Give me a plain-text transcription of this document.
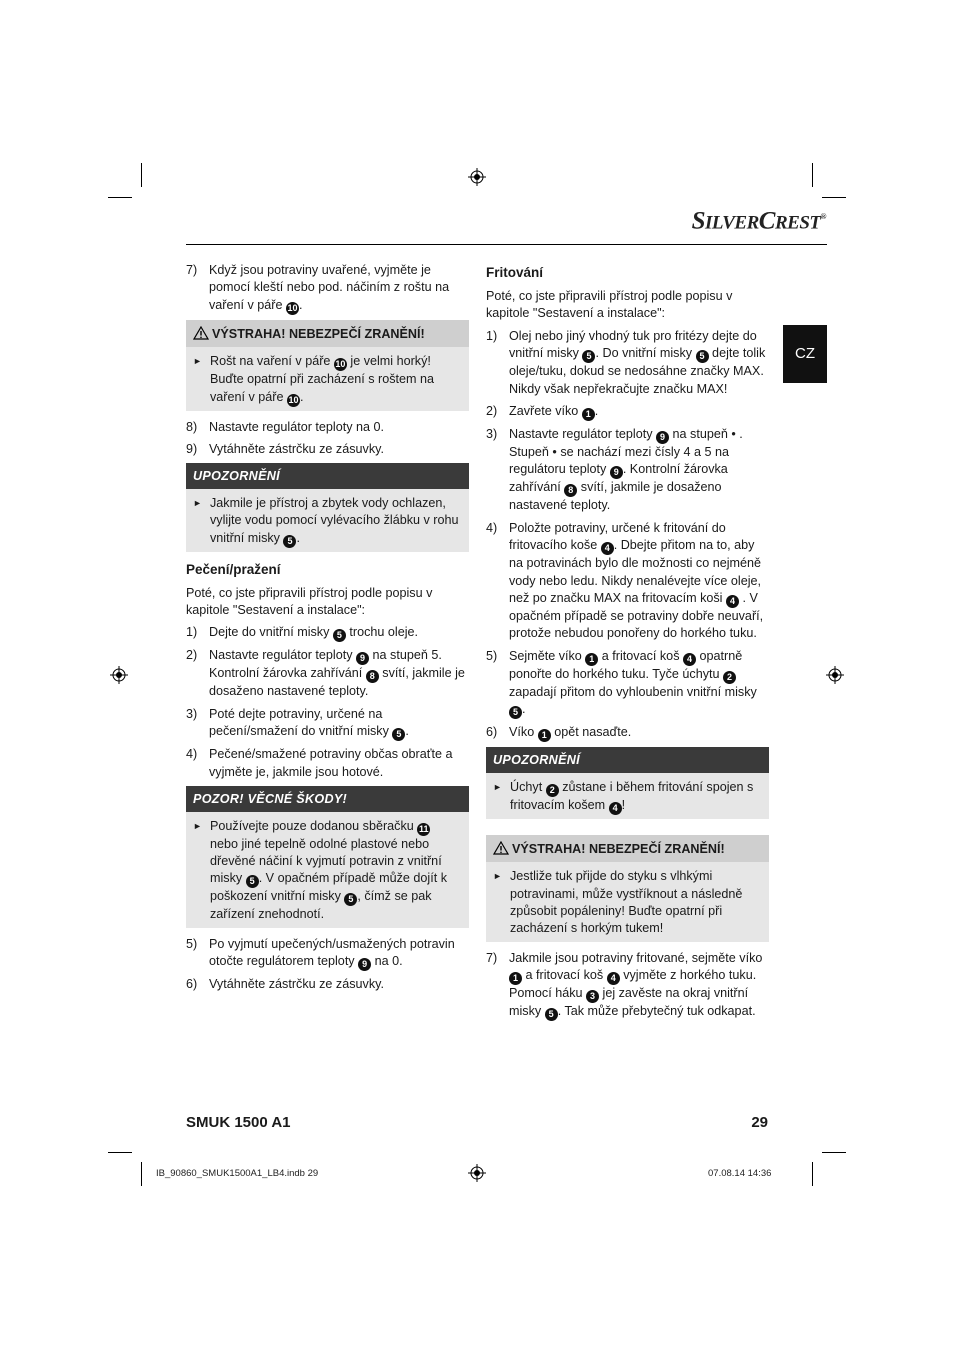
SILVERCREST®
CZ
7) Když jsou potraviny uvařené, vyjměte je pomocí kleští nebo pod. náčiním z roštu na vaření v páře 10 .
VÝSTRAHA! NEBEZPEČÍ ZRANĚNÍ!
► Rošt na vaření v páře 10 je velmi horký! Buďte opatrní při zacházení s roštem na vaření v páře 10 .
8) Nastavte regulátor teploty na 0.
9) Vytáhněte zástrčku ze zásuvky.
UPOZORNĚNÍ
► Jakmile je přístroj a zbytek vody ochlazen, vylijte vodu pomocí vylévacího žlábku v rohu vnitřní misky 5 .
Pečení/pražení
Poté, co jste připravili přístroj podle popisu v kapitole "Sestavení a instalace":
1) Dejte do vnitřní misky 5 trochu oleje.
2) Nastavte regulátor teploty 9 na stupeň 5. Kontrolní žárovka zahřívání 8 svítí, jakmile je dosaženo nastavené teploty.
3) Poté dejte potraviny, určené na pečení/smažení do vnitřní misky 5 .
4) Pečené/smažené potraviny občas obraťte a vyjměte je, jakmile jsou hotové.
POZOR! VĚCNÉ ŠKODY!
► Používejte pouze dodanou sběračku 11 nebo jiné tepelně odolné plastové nebo dřevěné náčiní k vyjmutí potravin z vnitřní misky 5 . V opačném případě může dojít k poškození vnitřní misky 5 , čímž se pak zařízení znehodnotí.
5) Po vyjmutí upečených/usmažených potravin otočte regulátorem teploty 9 na 0.
6) Vytáhněte zástrčku ze zásuvky.
Fritování
Poté, co jste připravili přístroj podle popisu v kapitole "Sestavení a instalace":
1) Olej nebo jiný vhodný tuk pro fritézy dejte do vnitřní misky 5 . Do vnitřní misky 5 dejte tolik oleje/tuku, dokud se nedosáhne značky MAX. Nikdy však nepřekračujte značku MAX!
2) Zavřete víko 1 .
3) Nastavte regulátor teploty 9 na stupeň • . Stupeň • se nachází mezi čísly 4 a 5 na regulátoru teploty 9 . Kontrolní žárovka zahřívání 8 svítí, jakmile je dosaženo nastavené teploty.
4) Položte potraviny, určené k fritování do fritovacího koše 4 . Dbejte přitom na to, aby na potravinách bylo dle možnosti co nejméně vody nebo ledu. Nikdy nenalévejte více oleje, než po značku MAX na fritovacím koši 4 . V opačném případě se potraviny dobře neuvaří, protože nebudou ponořeny do horkého tuku.
5) Sejměte víko 1 a fritovací koš 4 opatrně ponořte do horkého tuku. Tyče úchytu 2 zapadají přitom do vyhloubenin vnitřní misky 5 .
6) Víko 1 opět nasaďte.
UPOZORNĚNÍ
► Úchyt 2 zůstane i během fritování spojen s fritovacím košem 4 !
VÝSTRAHA! NEBEZPEČÍ ZRANĚNÍ!
► Jestliže tuk přijde do styku s vlhkými potravinami, může vystříknout a následně způsobit popáleniny! Buďte opatrní při zacházení s horkým tukem!
7) Jakmile jsou potraviny fritované, sejměte víko 1 a fritovací koš 4 vyjměte z horkého tuku. Pomocí háku 3 jej zavěste na okraj vnitřní misky 5 . Tak může přebytečný tuk odkapat.
SMUK 1500 A1	29
IB_90860_SMUK1500A1_LB4.indb 29	07.08.14 14:36
